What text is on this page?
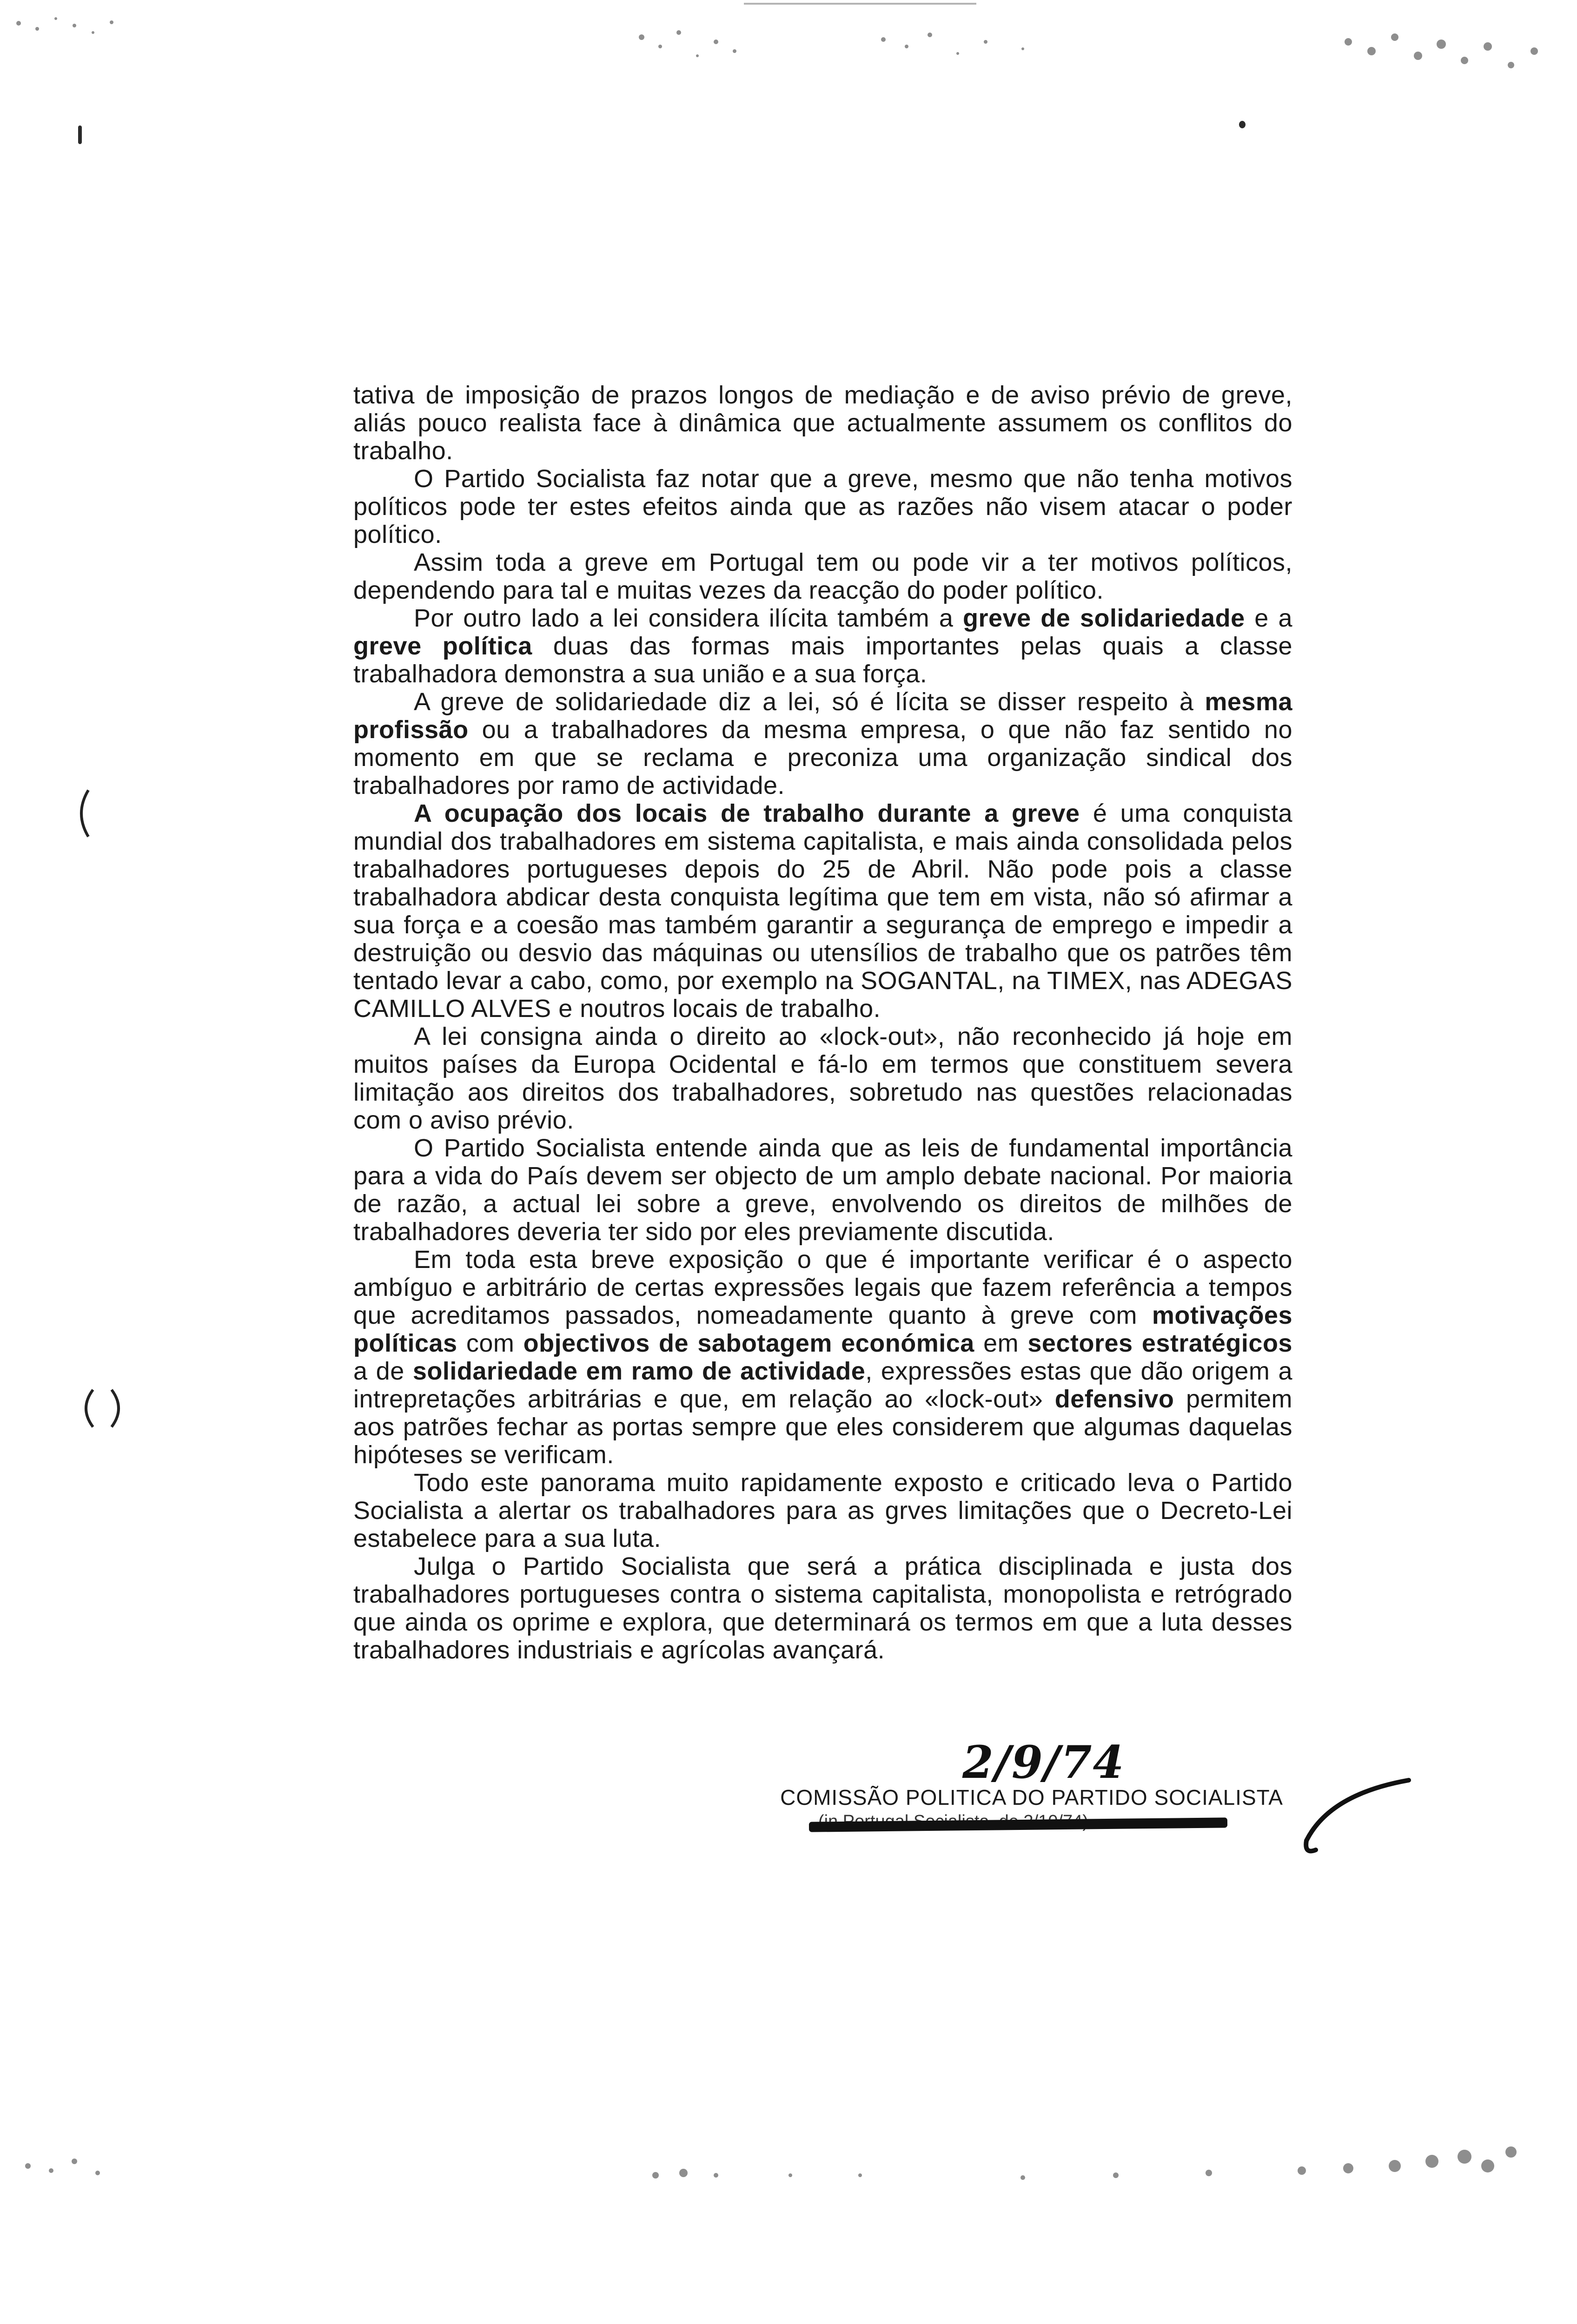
tativa de imposição de prazos longos de mediação e de aviso prévio de greve, aliás pouco realista face à dinâmica que actualmente assumem os conflitos do trabalho.

O Partido Socialista faz notar que a greve, mesmo que não tenha motivos políticos pode ter estes efeitos ainda que as razões não visem atacar o poder político.

Assim toda a greve em Portugal tem ou pode vir a ter motivos políticos, dependendo para tal e muitas vezes da reacção do poder político.

Por outro lado a lei considera ilícita também a greve de solidariedade e a greve política duas das formas mais importantes pelas quais a classe trabalhadora demonstra a sua união e a sua força.

A greve de solidariedade diz a lei, só é lícita se disser respeito à mesma profissão ou a trabalhadores da mesma empresa, o que não faz sentido no momento em que se reclama e preconiza uma organização sindical dos trabalhadores por ramo de actividade.

A ocupação dos locais de trabalho durante a greve é uma conquista mundial dos trabalhadores em sistema capitalista, e mais ainda consolidada pelos trabalhadores portugueses depois do 25 de Abril. Não pode pois a classe trabalhadora abdicar desta conquista legítima que tem em vista, não só afirmar a sua força e a coesão mas também garantir a segurança de emprego e impedir a destruição ou desvio das máquinas ou utensílios de trabalho que os patrões têm tentado levar a cabo, como, por exemplo na SOGANTAL, na TIMEX, nas ADEGAS CAMILLO ALVES e noutros locais de trabalho.

A lei consigna ainda o direito ao «lock-out», não reconhecido já hoje em muitos países da Europa Ocidental e fá-lo em termos que constituem severa limitação aos direitos dos trabalhadores, sobretudo nas questões relacionadas com o aviso prévio.

O Partido Socialista entende ainda que as leis de fundamental importância para a vida do País devem ser objecto de um amplo debate nacional. Por maioria de razão, a actual lei sobre a greve, envolvendo os direitos de milhões de trabalhadores deveria ter sido por eles previamente discutida.

Em toda esta breve exposição o que é importante verificar é o aspecto ambíguo e arbitrário de certas expressões legais que fazem referência a tempos que acreditamos passados, nomeadamente quanto à greve com motivações políticas com objectivos de sabotagem económica em sectores estratégicos a de solidariedade em ramo de actividade, expressões estas que dão origem a intrepretações arbitrárias e que, em relação ao «lock-out» defensivo permitem aos patrões fechar as portas sempre que eles considerem que algumas daquelas hipóteses se verificam.

Todo este panorama muito rapidamente exposto e criticado leva o Partido Socialista a alertar os trabalhadores para as grves limitações que o Decreto-Lei estabelece para a sua luta.

Julga o Partido Socialista que será a prática disciplinada e justa dos trabalhadores portugueses contra o sistema capitalista, monopolista e retrógrado que ainda os oprime e explora, que determinará os termos em que a luta desses trabalhadores industriais e agrícolas avançará.

2/9/74
COMISSÃO POLITICA DO PARTIDO SOCIALISTA
